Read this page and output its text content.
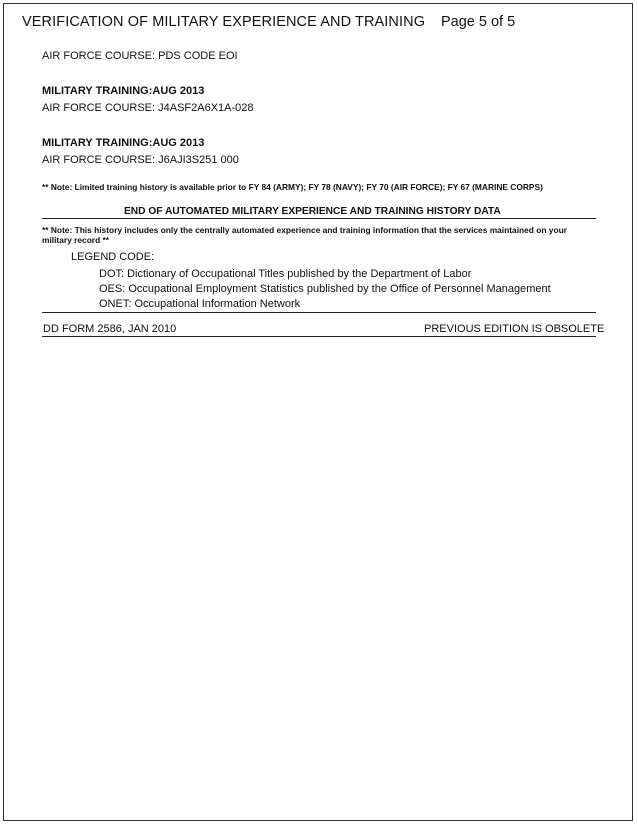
VERIFICATION OF MILITARY EXPERIENCE AND TRAINING Page 5 of 5
AIR FORCE COURSE: PDS CODE EOI
MILITARY TRAINING:AUG 2013
AIR FORCE COURSE: J4ASF2A6X1A-028
MILITARY TRAINING:AUG 2013
AIR FORCE COURSE: J6AJI3S251 000
** Note: Limited training history is available prior to FY 84 (ARMY); FY 78 (NAVY); FY 70 (AIR FORCE); FY 67 (MARINE CORPS)
END OF AUTOMATED MILITARY EXPERIENCE AND TRAINING HISTORY DATA
** Note: This history includes only the centrally automated experience and training information that the services maintained on your military record **
LEGEND CODE:
DOT: Dictionary of Occupational Titles published by the Department of Labor
OES: Occupational Employment Statistics published by the Office of Personnel Management
ONET: Occupational Information Network
DD FORM 2586, JAN 2010	PREVIOUS EDITION IS OBSOLETE
